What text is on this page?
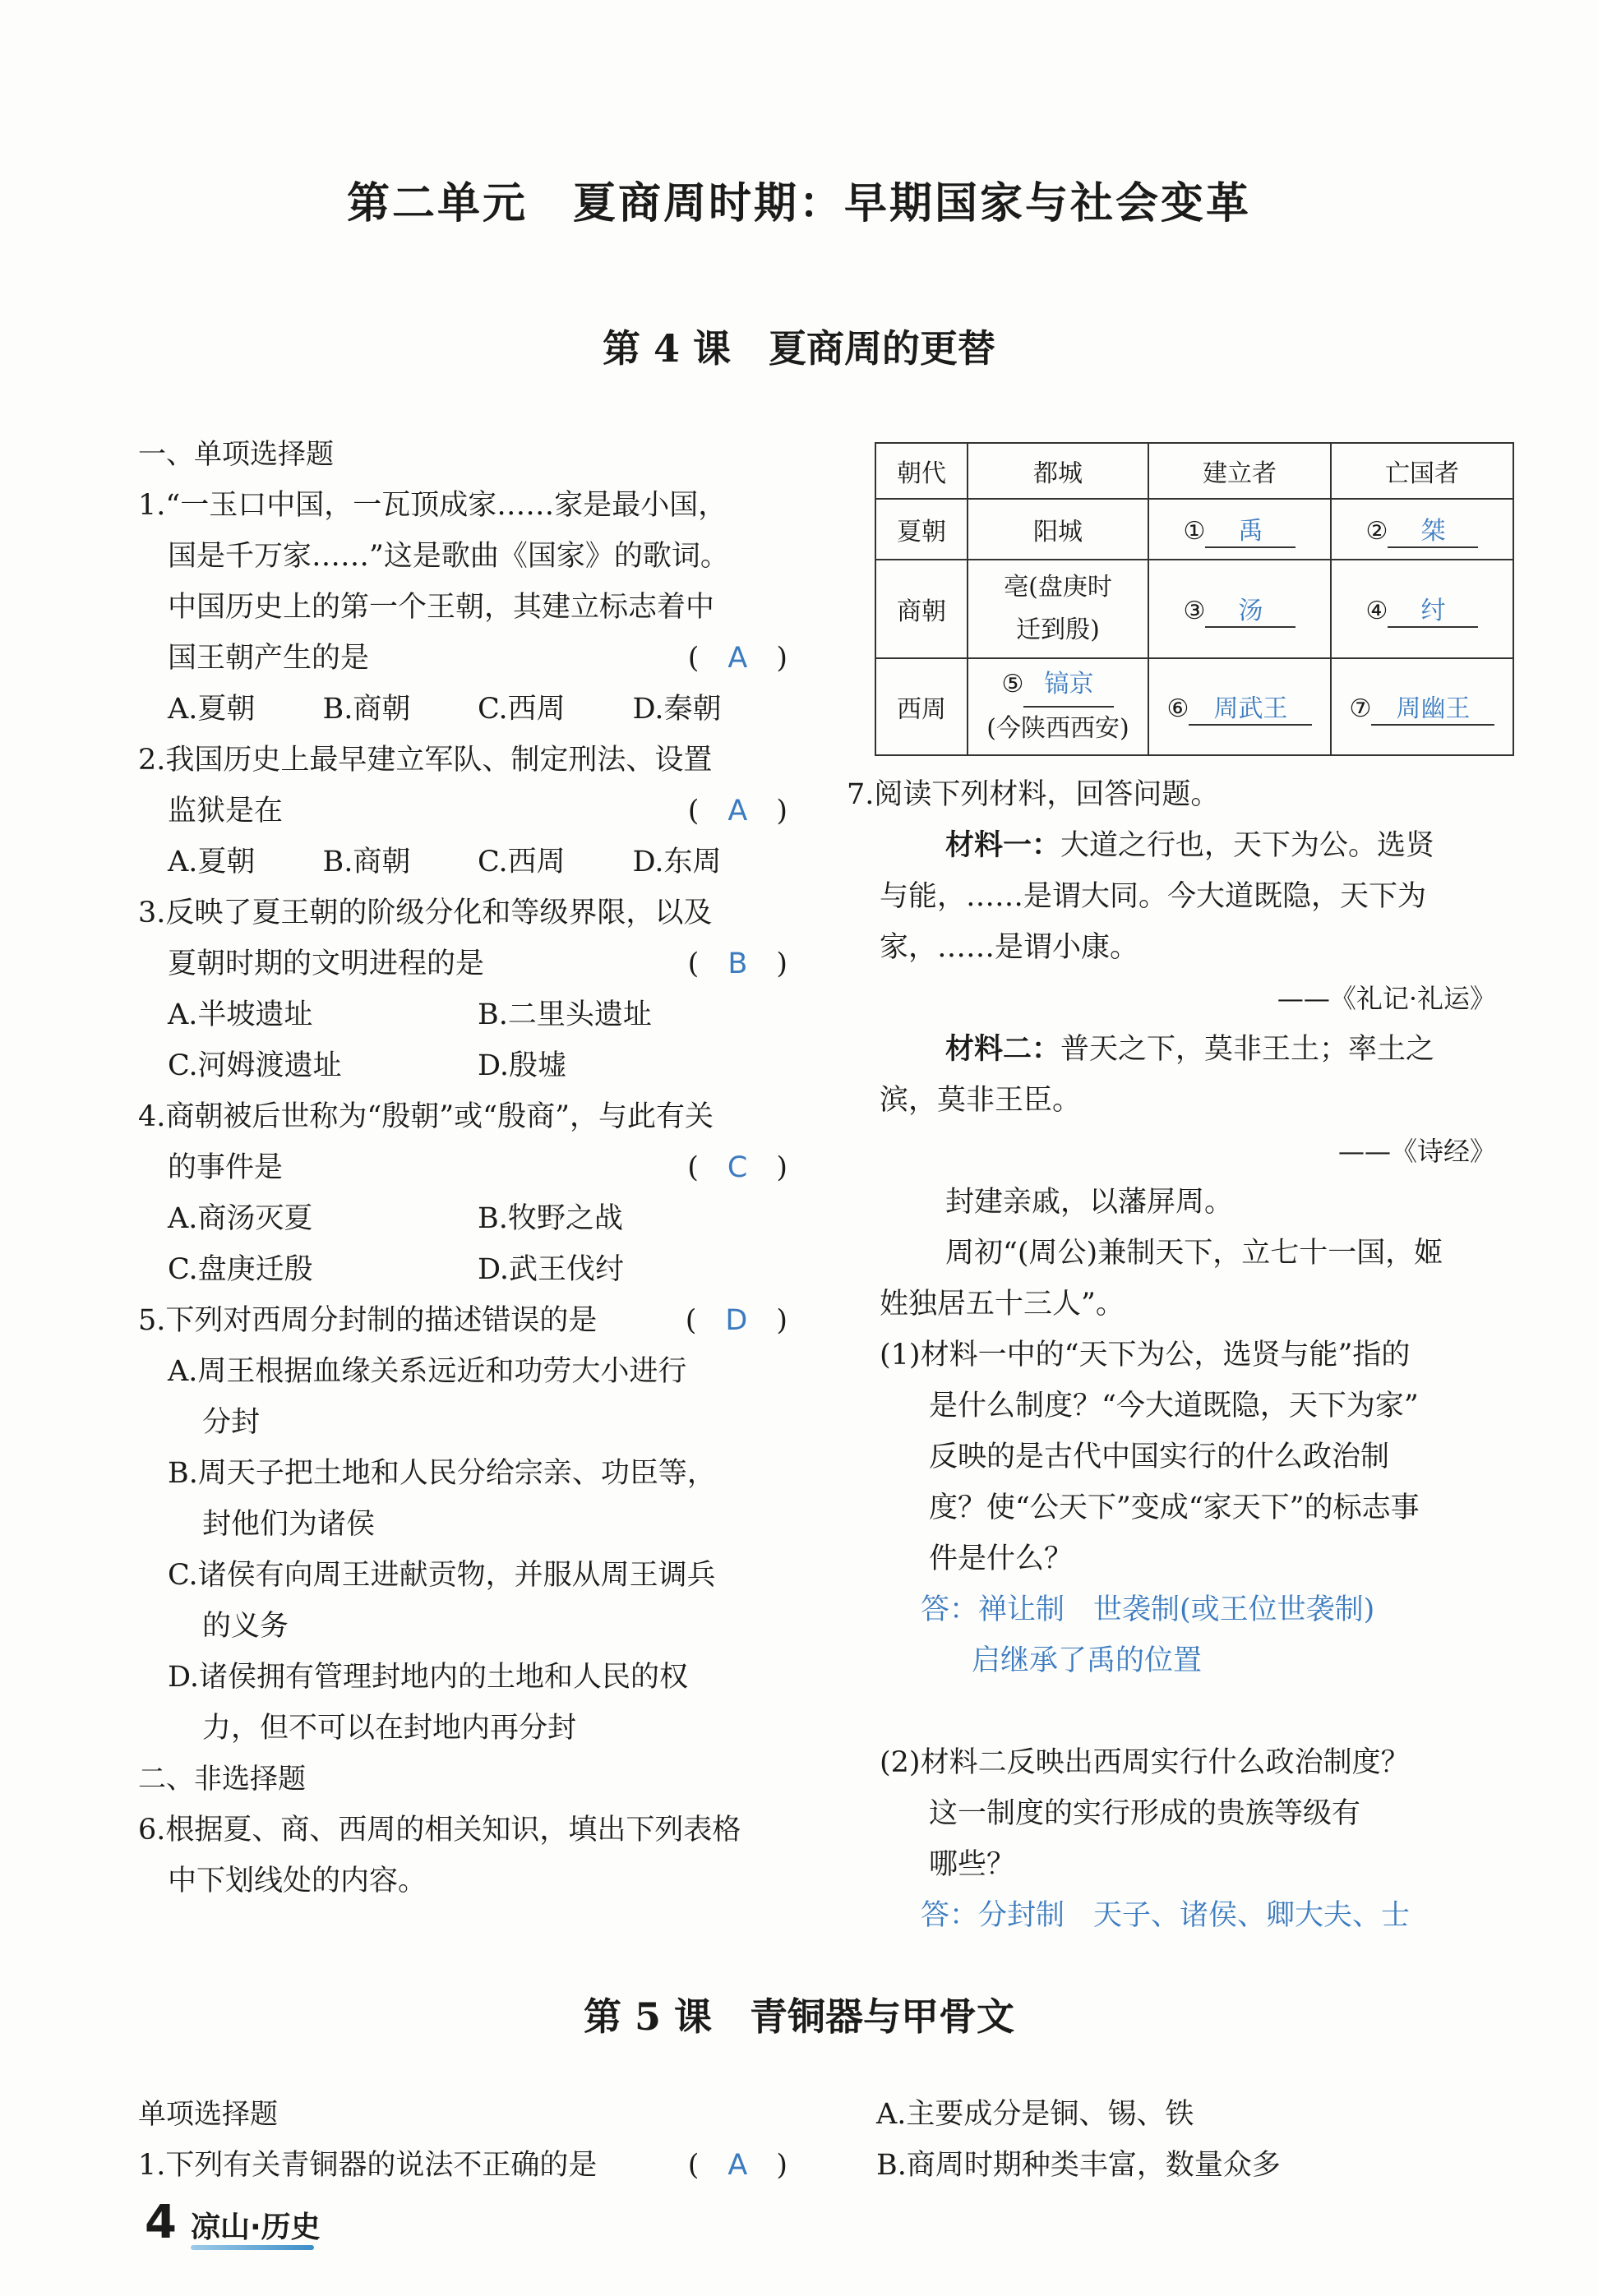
第二单元　夏商周时期：早期国家与社会变革
第 4 课　夏商周的更替
一、单项选择题
1.“一玉口中国，一瓦顶成家……家是最小国，
国是千万家……”这是歌曲《国家》的歌词。
中国历史上的第一个王朝，其建立标志着中
国王朝产生的是	(　A　)
A.夏朝	B.商朝	C.西周	D.秦朝
2.我国历史上最早建立军队、制定刑法、设置
监狱是在	(　A　)
A.夏朝	B.商朝	C.西周	D.东周
3.反映了夏王朝的阶级分化和等级界限，以及
夏朝时期的文明进程的是	(　B　)
A.半坡遗址	B.二里头遗址
C.河姆渡遗址	D.殷墟
4.商朝被后世称为“殷朝”或“殷商”，与此有关
的事件是	(　C　)
A.商汤灭夏	B.牧野之战
C.盘庚迁殷	D.武王伐纣
5.下列对西周分封制的描述错误的是	(　D　)
A.周王根据血缘关系远近和功劳大小进行
分封
B.周天子把土地和人民分给宗亲、功臣等，
封他们为诸侯
C.诸侯有向周王进献贡物，并服从周王调兵
的义务
D.诸侯拥有管理封地内的土地和人民的权
力，但不可以在封地内再分封
二、非选择题
6.根据夏、商、西周的相关知识，填出下列表格
中下划线处的内容。
朝代	都城	建立者	亡国者
夏朝	阳城	① 禹	② 桀
商朝	亳(盘庚时
迁到殷)	③ 汤	④ 纣
西周	⑤ 镐京
(今陕西西安)	⑥ 周武王	⑦ 周幽王
7.阅读下列材料，回答问题。
材料一：大道之行也，天下为公。选贤
与能，……是谓大同。今大道既隐，天下为
家，……是谓小康。
——《礼记·礼运》
材料二：普天之下，莫非王土；率土之
滨，莫非王臣。
——《诗经》
封建亲戚，以藩屏周。
周初“(周公)兼制天下，立七十一国，姬
姓独居五十三人”。
(1)材料一中的“天下为公，选贤与能”指的
是什么制度？“今大道既隐，天下为家”
反映的是古代中国实行的什么政治制
度？使“公天下”变成“家天下”的标志事
件是什么？
答：禅让制　世袭制(或王位世袭制)
启继承了禹的位置
(2)材料二反映出西周实行什么政治制度？
这一制度的实行形成的贵族等级有
哪些？
答：分封制　天子、诸侯、卿大夫、士
第 5 课　青铜器与甲骨文
单项选择题
1.下列有关青铜器的说法不正确的是	(　A　)
A.主要成分是铜、锡、铁
B.商周时期种类丰富，数量众多
4 凉山·历史
